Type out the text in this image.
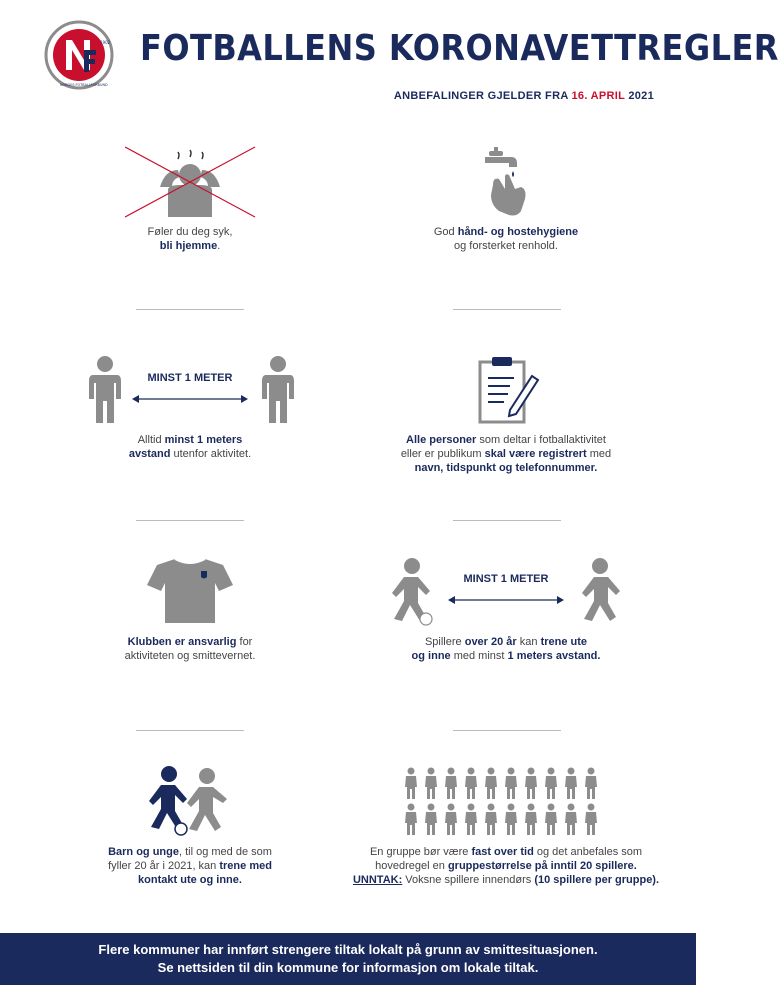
1902
NORGES FOTBALLFORBUND
FOTBALLENS KORONAVETTREGLER
ANBEFALINGER GJELDER FRA 16. APRIL 2021
Føler du deg syk,
bli hjemme.
God hånd- og hostehygiene
og forsterket renhold.
MINST 1 METER
Alltid minst 1 meters
avstand utenfor aktivitet.
Alle personer som deltar i fotballaktivitet
eller er publikum skal være registrert med
navn, tidspunkt og telefonnummer.
Klubben er ansvarlig for
aktiviteten og smittevernet.
MINST 1 METER
Spillere over 20 år kan trene ute
og inne med minst 1 meters avstand.
Barn og unge, til og med de som
fyller 20 år i 2021, kan trene med
kontakt ute og inne.
En gruppe bør være fast over tid og det anbefales som
hovedregel en gruppestørrelse på inntil 20 spillere.
UNNTAK: Voksne spillere innendørs (10 spillere per gruppe).
Flere kommuner har innført strengere tiltak lokalt på grunn av smittesituasjonen.
Se nettsiden til din kommune for informasjon om lokale tiltak.
